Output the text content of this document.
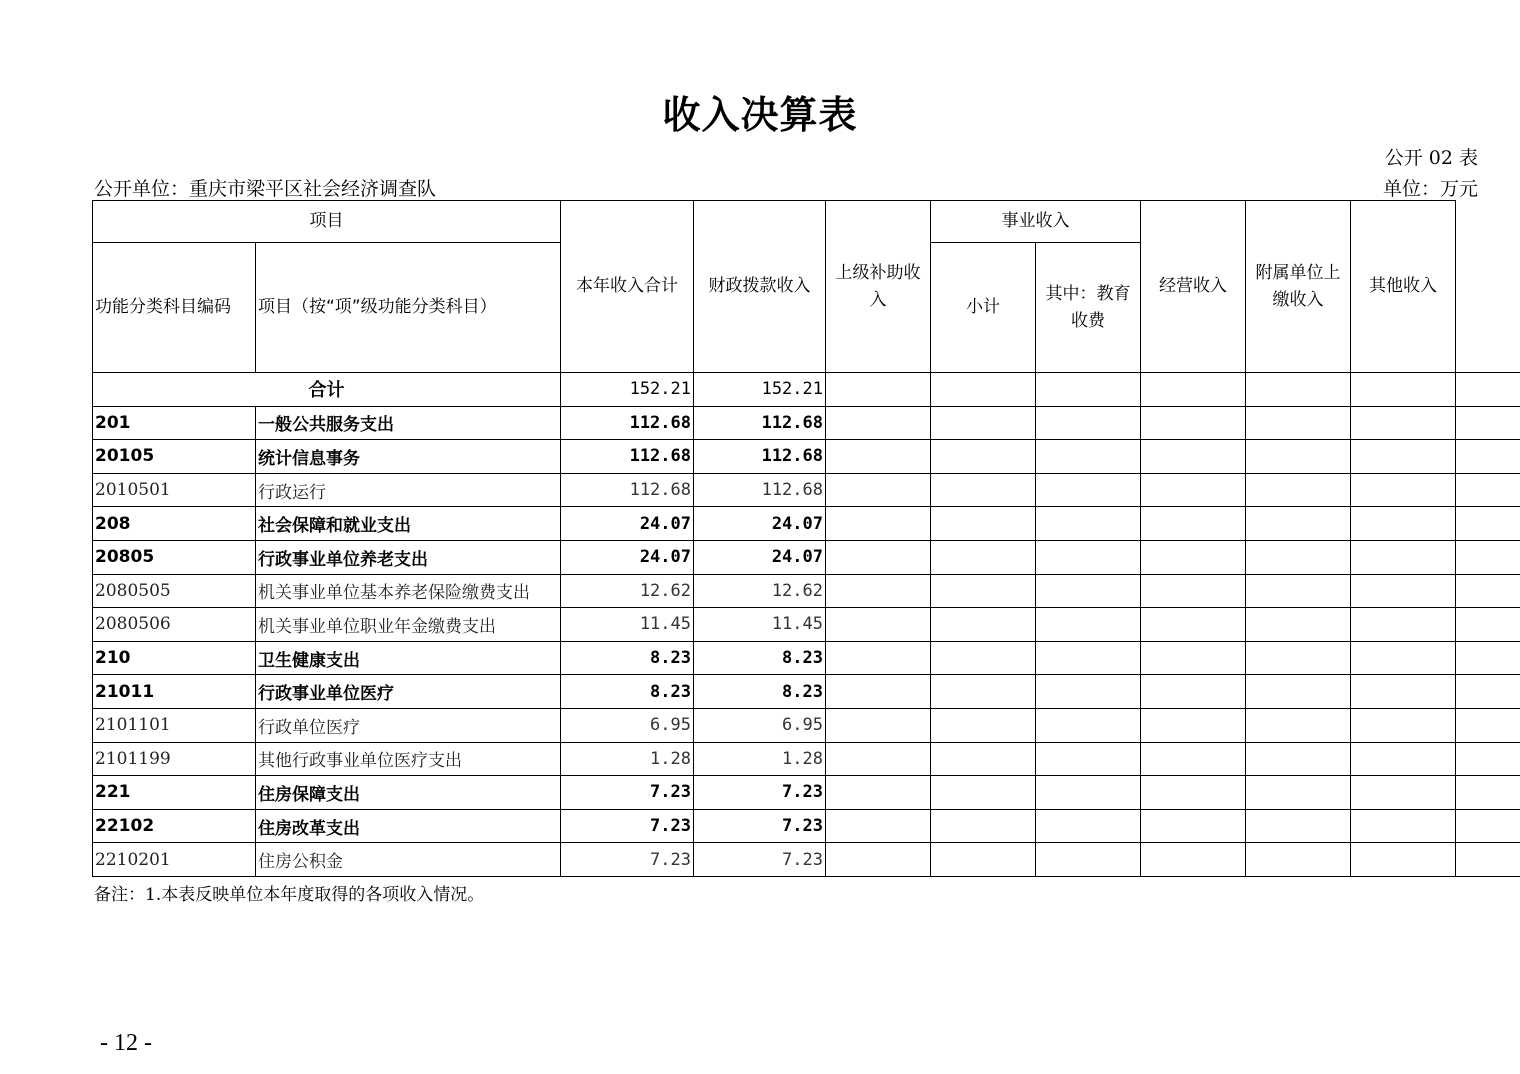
收入决算表
公开 02 表
公开单位：重庆市梁平区社会经济调查队	单位：万元
项目		本年收入合计	财政拨款收入	上级补助收入	事业收入		经营收入	附属单位上缴收入	其他收入	
功能分类科目编码	项目（按“项”级功能分类科目）				小计	其中：教育收费				
合计		152.21	152.21							
201	一般公共服务支出	112.68	112.68							
20105	统计信息事务	112.68	112.68							
2010501	行政运行	112.68	112.68							
208	社会保障和就业支出	24.07	24.07							
20805	行政事业单位养老支出	24.07	24.07							
2080505	机关事业单位基本养老保险缴费支出	12.62	12.62							
2080506	机关事业单位职业年金缴费支出	11.45	11.45							
210	卫生健康支出	8.23	8.23							
21011	行政事业单位医疗	8.23	8.23							
2101101	行政单位医疗	6.95	6.95							
2101199	其他行政事业单位医疗支出	1.28	1.28							
221	住房保障支出	7.23	7.23							
22102	住房改革支出	7.23	7.23							
2210201	住房公积金	7.23	7.23							
备注：1.本表反映单位本年度取得的各项收入情况。
- 12 -
